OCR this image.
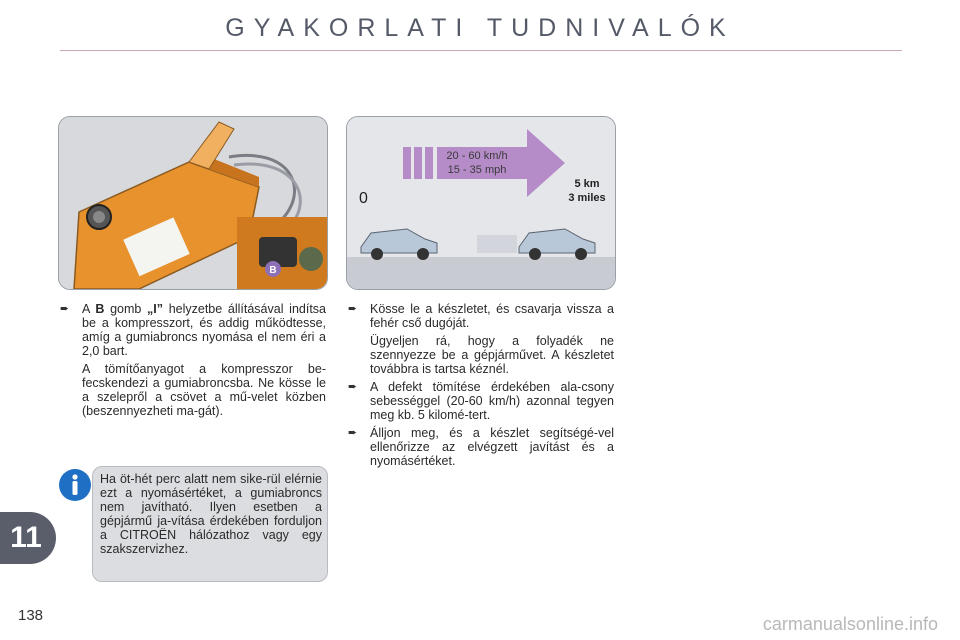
GYAKORLATI TUDNIVALÓK
B
20 - 60 km/h
15 - 35 mph
0
5 km
3 miles
➨ A B gomb „I” helyzetbe állításával indítsa be a kompresszort, és addig működtesse, amíg a gumiabroncs nyomása el nem éri a 2,0 bart.
A tömítőanyagot a kompresszor be-fecskendezi a gumiabroncsba. Ne kösse le a szelepről a csövet a mű-velet közben (beszennyezheti ma-gát).
➨ Kösse le a készletet, és csavarja vissza a fehér cső dugóját.
Ügyeljen rá, hogy a folyadék ne szennyezze be a gépjárművet. A készletet továbbra is tartsa kéznél.
➨ A defekt tömítése érdekében ala-csony sebességgel (20-60 km/h) azonnal tegyen meg kb. 5 kilomé-tert.
➨ Álljon meg, és a készlet segítségé-vel ellenőrizze az elvégzett javítást és a nyomásértéket.
Ha öt-hét perc alatt nem sike-rül elérnie ezt a nyomásértéket, a gumiabroncs nem javítható. Ilyen esetben a gépjármű ja-vítása érdekében forduljon a CITROËN hálózathoz vagy egy szakszervizhez.
11
138	carmanualsonline.info
